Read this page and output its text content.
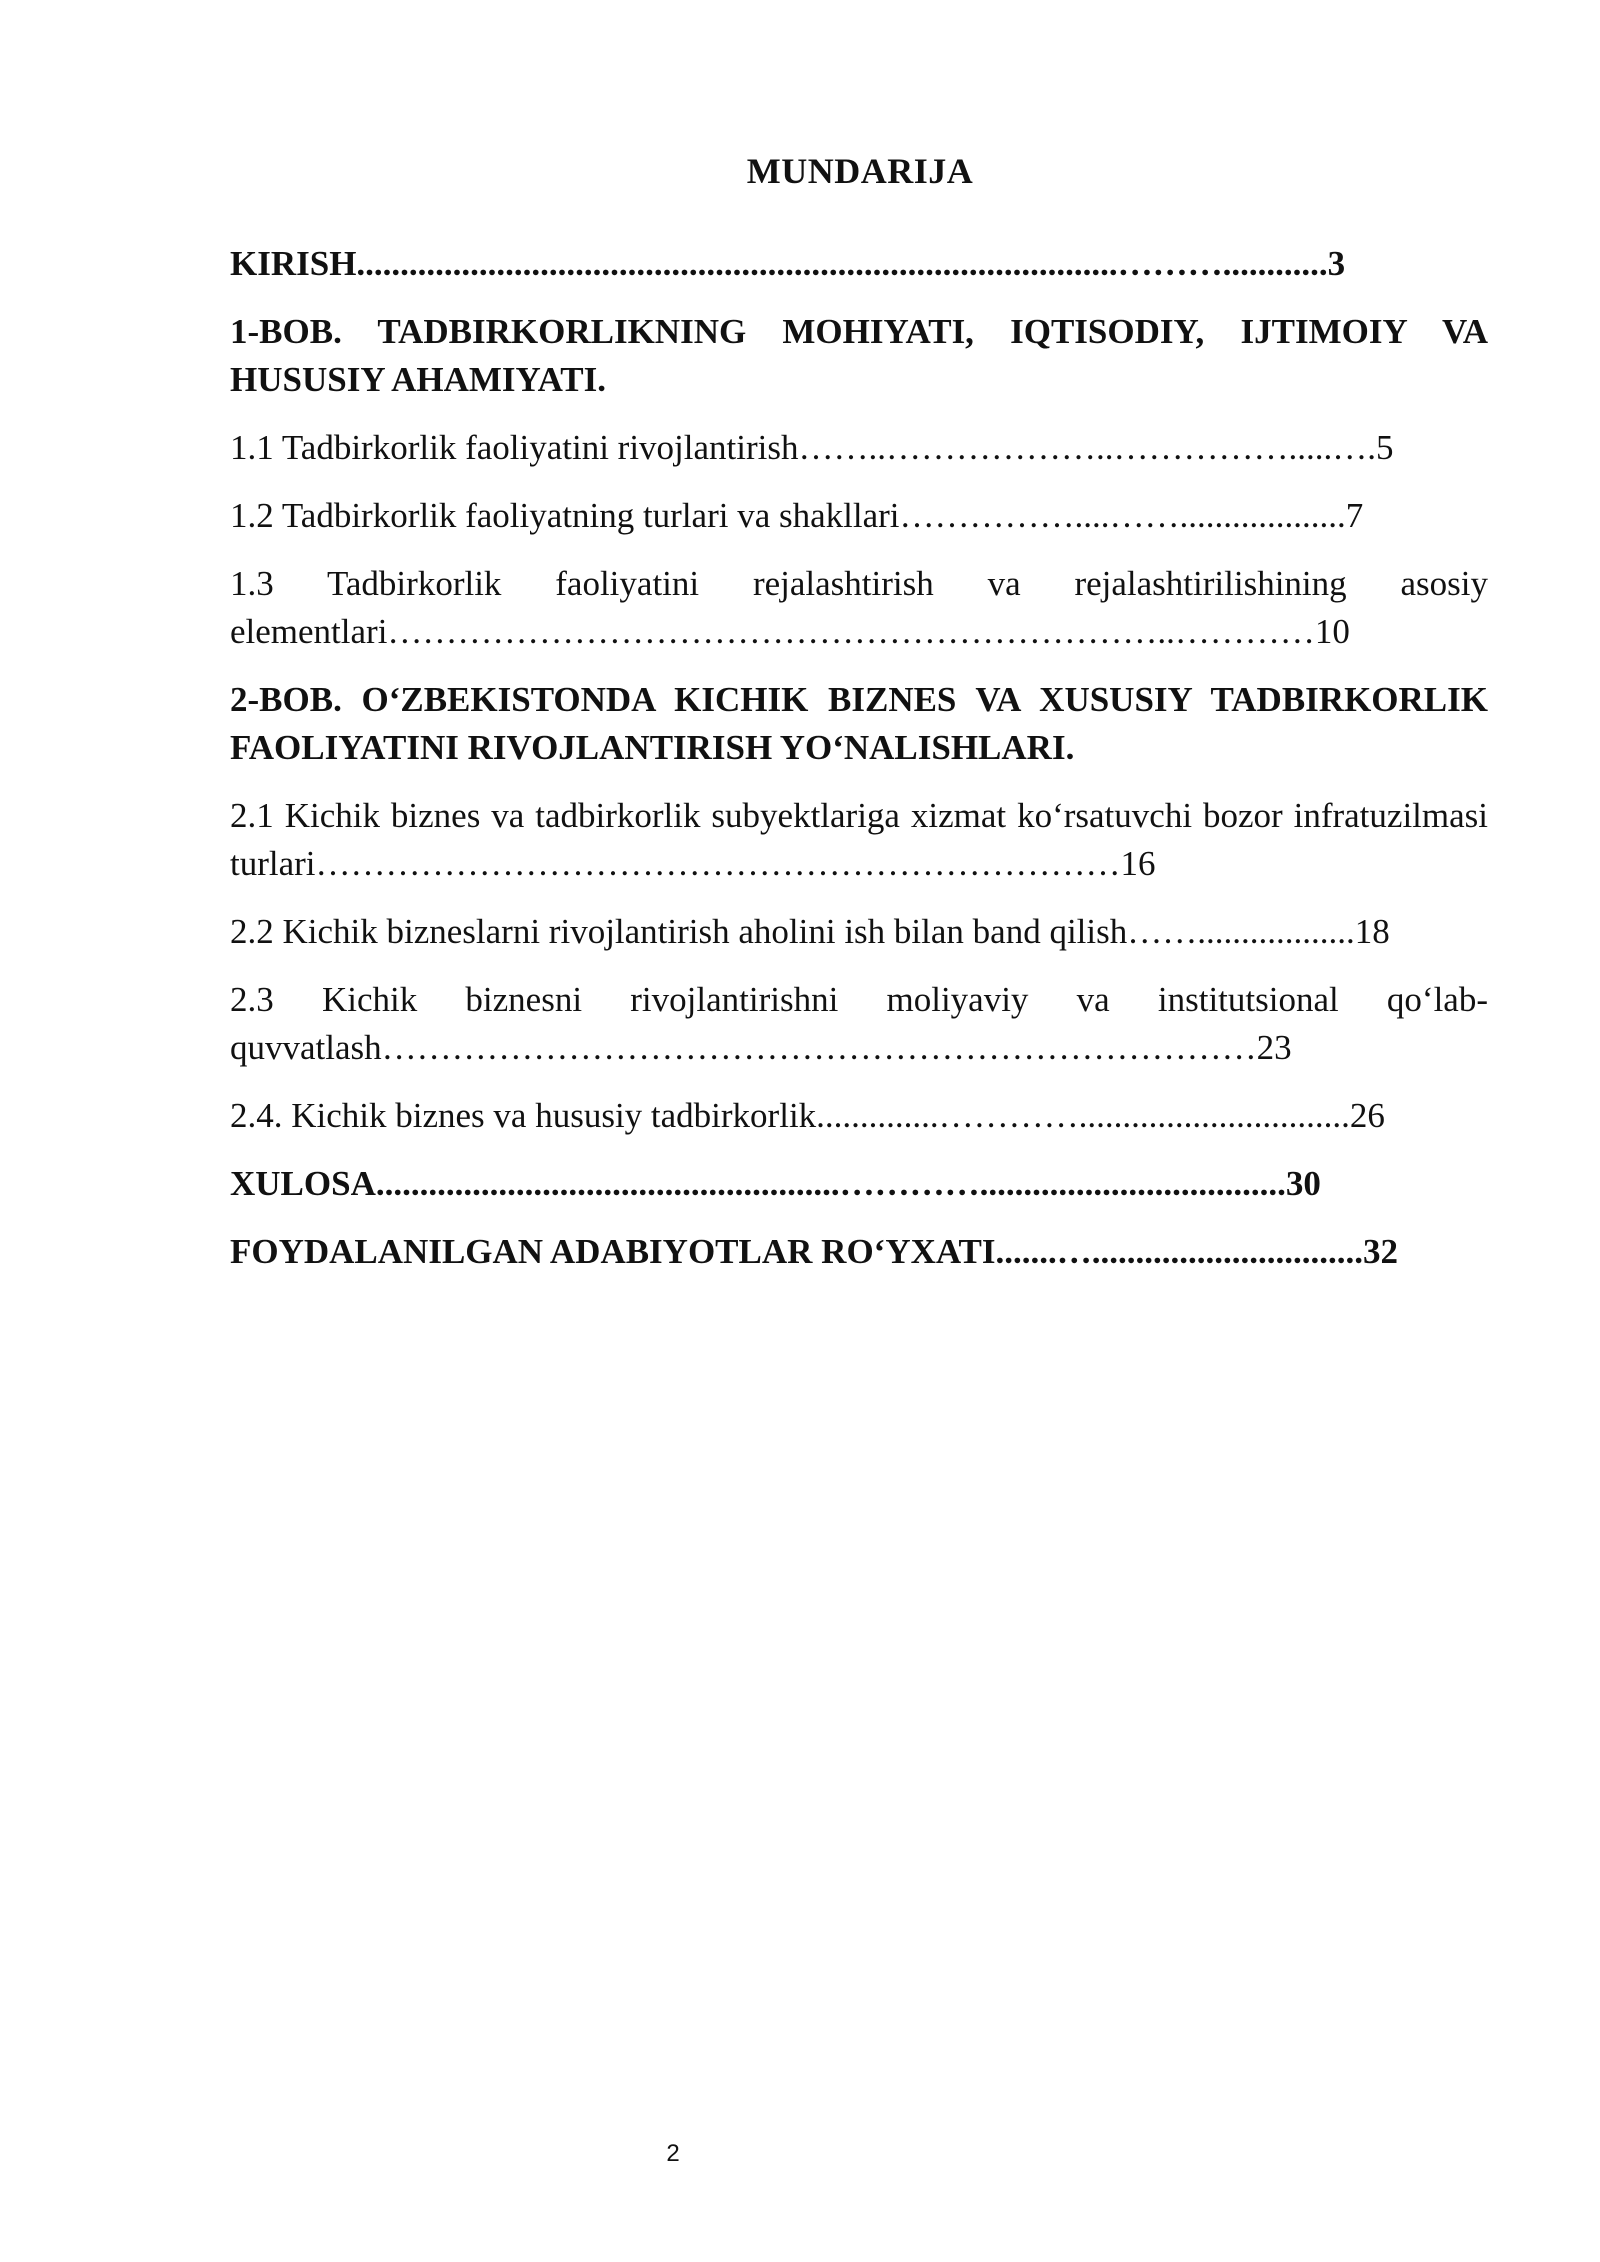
MUNDARIJA

KIRISH.......................................................................................………............3

1-BOB. TADBIRKORLIKNING MOHIYATI, IQTISODIY, IJTIMOIY VA HUSUSIY AHAMIYATI.

1.1 Tadbirkorlik faoliyatini rivojlantirish……..………………..…………….....….5

1.2 Tadbirkorlik faoliyatning turlari va shakllari……………....……...................7

1.3 Tadbirkorlik faoliyatini rejalashtirish va rejalashtirilishining asosiy elementlari…………………………………………………………..…………10

2-BOB. O‘ZBEKISTONDA KICHIK BIZNES VA XUSUSIY TADBIRKORLIK FAOLIYATINI RIVOJLANTIRISH YO‘NALISHLARI.

2.1 Kichik biznes va tadbirkorlik subyektlariga xizmat ko‘rsatuvchi bozor infratuzilmasi turlari……………………………………………………………16

2.2 Kichik bizneslarni rivojlantirish aholini ish bilan band qilish……..................18

2.3 Kichik biznesni rivojlantirishni moliyaviy va institutsional qo‘lab-quvvatlash…………………………………………………………………23

2.4. Kichik biznes va hususiy tadbirkorlik..............…………...............................26

XULOSA.....................................................…………...................................30

FOYDALANILGAN ADABIYOTLAR RO‘YXATI.......…...............................32

2
